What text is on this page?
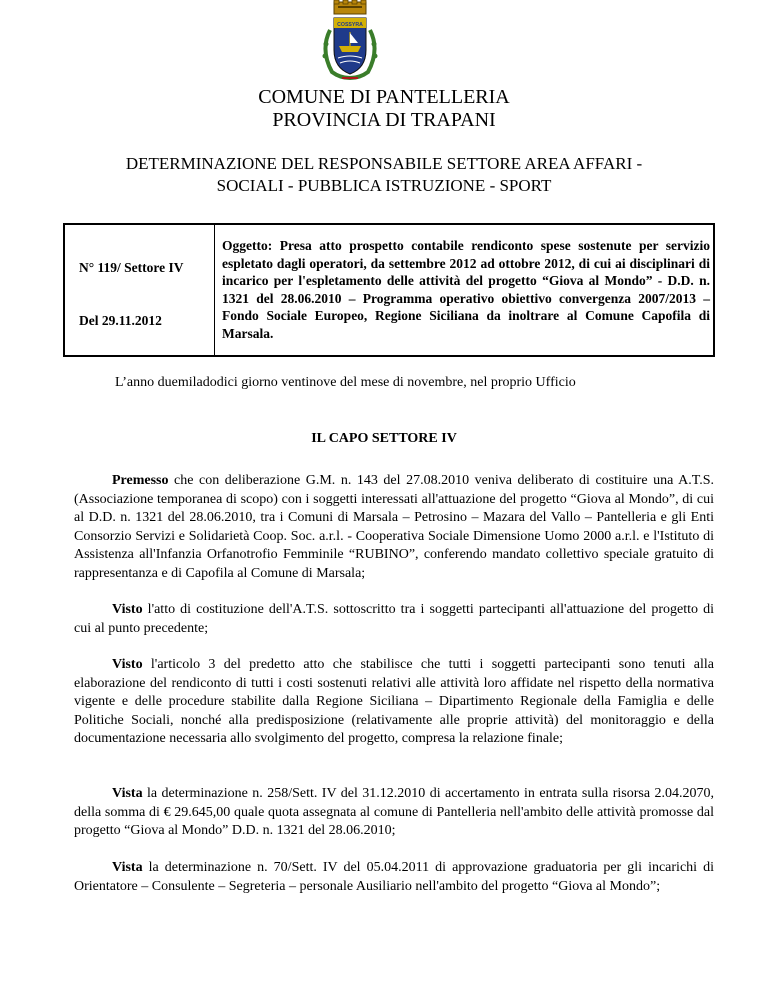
COSSYRA
COMUNE DI PANTELLERIA
PROVINCIA DI TRAPANI
DETERMINAZIONE DEL RESPONSABILE SETTORE AREA AFFARI -
SOCIALI - PUBBLICA ISTRUZIONE - SPORT
N° 119/ Settore IV
Del 29.11.2012
Oggetto: Presa atto prospetto contabile rendiconto spese sostenute per servizio espletato dagli operatori, da settembre 2012 ad ottobre 2012, di cui ai disciplinari di incarico per l'espletamento delle attività del progetto “Giova al Mondo” - D.D. n. 1321 del 28.06.2010 – Programma operativo obiettivo convergenza 2007/2013 – Fondo Sociale Europeo, Regione Siciliana da inoltrare al Comune Capofila di Marsala.
L’anno duemiladodici giorno ventinove del mese di novembre, nel proprio Ufficio
IL CAPO SETTORE IV
Premesso che con deliberazione G.M. n. 143 del 27.08.2010 veniva deliberato di costituire una A.T.S. (Associazione temporanea di scopo) con i soggetti interessati all'attuazione del progetto “Giova al Mondo”, di cui al D.D. n. 1321 del 28.06.2010, tra i Comuni di Marsala – Petrosino – Mazara del Vallo – Pantelleria e gli Enti Consorzio Servizi e Solidarietà Coop. Soc. a.r.l. - Cooperativa Sociale Dimensione Uomo 2000 a.r.l. e l'Istituto di Assistenza all'Infanzia Orfanotrofio Femminile “RUBINO”, conferendo mandato collettivo speciale gratuito di rappresentanza e di Capofila al Comune di Marsala;
Visto l'atto di costituzione dell'A.T.S. sottoscritto tra i soggetti partecipanti all'attuazione del progetto di cui al punto precedente;
Visto l'articolo 3 del predetto atto che stabilisce che tutti i soggetti partecipanti sono tenuti alla elaborazione del rendiconto di tutti i costi sostenuti relativi alle attività loro affidate nel rispetto della normativa vigente e delle procedure stabilite dalla Regione Siciliana – Dipartimento Regionale della Famiglia e delle Politiche Sociali, nonché alla predisposizione (relativamente alle proprie attività) del monitoraggio e della documentazione necessaria allo svolgimento del progetto, compresa la relazione finale;
Vista la determinazione n. 258/Sett. IV del 31.12.2010 di accertamento in entrata sulla risorsa 2.04.2070, della somma di € 29.645,00 quale quota assegnata al comune di Pantelleria nell'ambito delle attività promosse dal progetto “Giova al Mondo” D.D. n. 1321 del 28.06.2010;
Vista la determinazione n. 70/Sett. IV del 05.04.2011 di approvazione graduatoria per gli incarichi di Orientatore – Consulente – Segreteria – personale Ausiliario nell'ambito del progetto “Giova al Mondo”;
